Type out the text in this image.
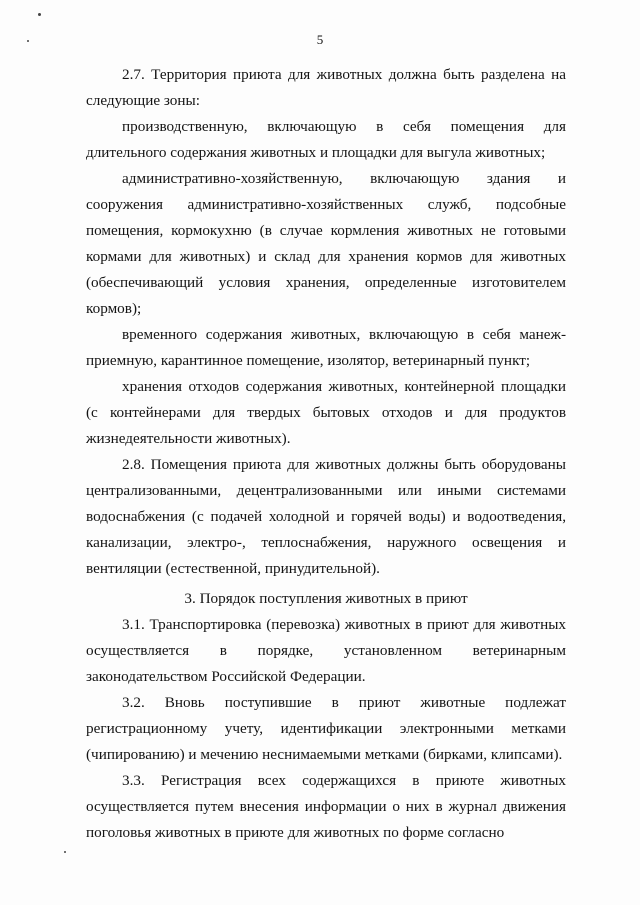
5

2.7. Территория приюта для животных должна быть разделена на следующие зоны:

производственную, включающую в себя помещения для длительного содержания животных и площадки для выгула животных;

административно-хозяйственную, включающую здания и сооружения административно-хозяйственных служб, подсобные помещения, кормокухню (в случае кормления животных не готовыми кормами для животных) и склад для хранения кормов для животных (обеспечивающий условия хранения, определенные изготовителем кормов);

временного содержания животных, включающую в себя манеж-приемную, карантинное помещение, изолятор, ветеринарный пункт;

хранения отходов содержания животных, контейнерной площадки (с контейнерами для твердых бытовых отходов и для продуктов жизнедеятельности животных).

2.8. Помещения приюта для животных должны быть оборудованы централизованными, децентрализованными или иными системами водоснабжения (с подачей холодной и горячей воды) и водоотведения, канализации, электро-, теплоснабжения, наружного освещения и вентиляции (естественной, принудительной).

3. Порядок поступления животных в приют

3.1. Транспортировка (перевозка) животных в приют для животных осуществляется в порядке, установленном ветеринарным законодательством Российской Федерации.

3.2. Вновь поступившие в приют животные подлежат регистрационному учету, идентификации электронными метками (чипированию) и мечению неснимаемыми метками (бирками, клипсами).

3.3. Регистрация всех содержащихся в приюте животных осуществляется путем внесения информации о них в журнал движения поголовья животных в приюте для животных по форме согласно
